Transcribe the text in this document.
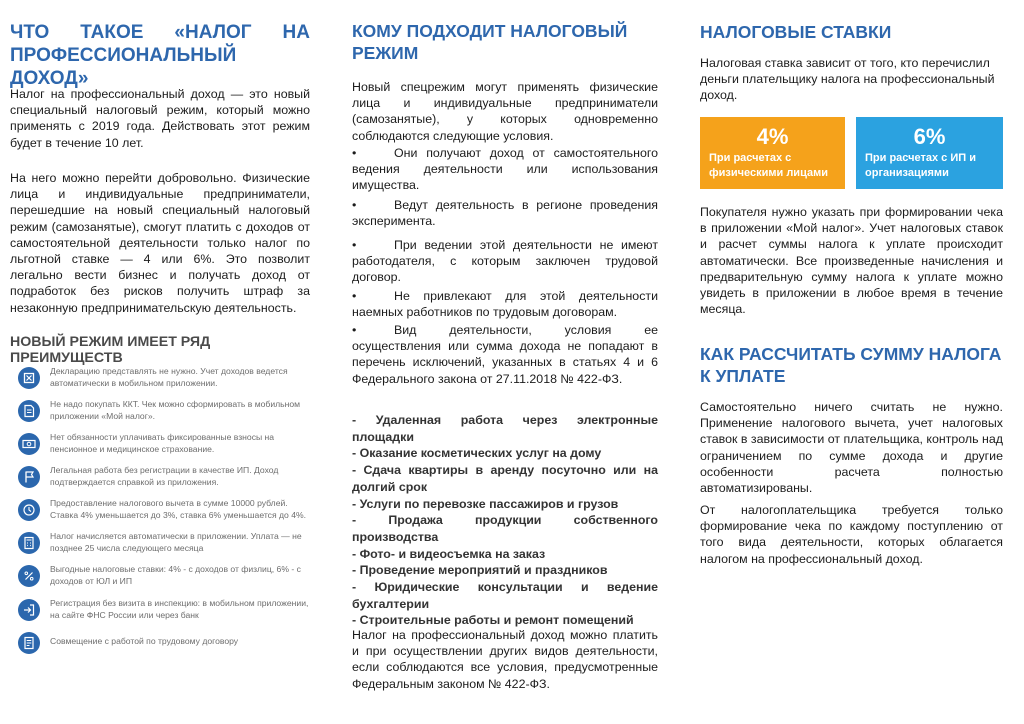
ЧТО ТАКОЕ «НАЛОГ НА ПРОФЕССИОНАЛЬНЫЙ ДОХОД»

Налог на профессиональный доход — это новый специальный налоговый режим, который можно применять с 2019 года. Действовать этот режим будет в течение 10 лет.

На него можно перейти добровольно. Физические лица и индивидуальные предприниматели, перешедшие на новый специальный налоговый режим (самозанятые), смогут платить с доходов от самостоятельной деятельности только налог по льготной ставке — 4 или 6%. Это позволит легально вести бизнес и получать доход от подработок без рисков получить штраф за незаконную предпринимательскую деятельность.

НОВЫЙ РЕЖИМ ИМЕЕТ РЯД ПРЕИМУЩЕСТВ
Декларацию представлять не нужно. Учет доходов ведется автоматически в мобильном приложении.
Не надо покупать ККТ. Чек можно сформировать в мобильном приложении «Мой налог».
Нет обязанности уплачивать фиксированные взносы на пенсионное и медицинское страхование.
Легальная работа без регистрации в качестве ИП. Доход подтверждается справкой из приложения.
Предоставление налогового вычета в сумме 10000 рублей. Ставка 4% уменьшается до 3%, ставка 6% уменьшается до 4%.
Налог начисляется автоматически в приложении. Уплата — не позднее 25 числа следующего месяца
Выгодные налоговые ставки: 4% - с доходов от физлиц, 6% - с доходов от ЮЛ и ИП
Регистрация без визита в инспекцию: в мобильном приложении, на сайте ФНС России или через банк
Совмещение с работой по трудовому договору
КОМУ ПОДХОДИТ НАЛОГОВЫЙ РЕЖИМ

Новый спецрежим могут применять физические лица и индивидуальные предприниматели (самозанятые), у которых одновременно соблюдаются следующие условия.

•	Они получают доход от самостоятельного ведения деятельности или использования имущества.

•	Ведут деятельность в регионе проведения эксперимента.

•	При ведении этой деятельности не имеют работодателя, с которым заключен трудовой договор.

•	Не привлекают для этой деятельности наемных работников по трудовым договорам.

•	Вид деятельности, условия ее осуществления или сумма дохода не попадают в перечень исключений, указанных в статьях 4 и 6 Федерального закона от 27.11.2018 № 422-ФЗ.

- Удаленная работа через электронные площадки

- Оказание косметических услуг на дому

- Сдача квартиры в аренду посуточно или на долгий срок

- Услуги по перевозке пассажиров и грузов

- Продажа продукции собственного производства

- Фото- и видеосъемка на заказ

- Проведение мероприятий и праздников

- Юридические консультации и ведение бухгалтерии

- Строительные работы и ремонт помещений

Налог на профессиональный доход можно платить и при осуществлении других видов деятельности, если соблюдаются все условия, предусмотренные Федеральным законом № 422-ФЗ.

НАЛОГОВЫЕ СТАВКИ

Налоговая ставка зависит от того, кто перечислил деньги плательщику налога на профессиональный доход.

4%
При расчетах с физическими лицами
6%
При расчетах с ИП и организациями

Покупателя нужно указать при формировании чека в приложении «Мой налог». Учет налоговых ставок и расчет суммы налога к уплате происходит автоматически. Все произведенные начисления и предварительную сумму налога к уплате можно увидеть в приложении в любое время в течение месяца.

КАК РАССЧИТАТЬ СУММУ НАЛОГА К УПЛАТЕ

Самостоятельно ничего считать не нужно. Применение налогового вычета, учет налоговых ставок в зависимости от плательщика, контроль над ограничением по сумме дохода и другие особенности расчета полностью автоматизированы.

От налогоплательщика требуется только формирование чека по каждому поступлению от того вида деятельности, которых облагается налогом на профессиональный доход.
